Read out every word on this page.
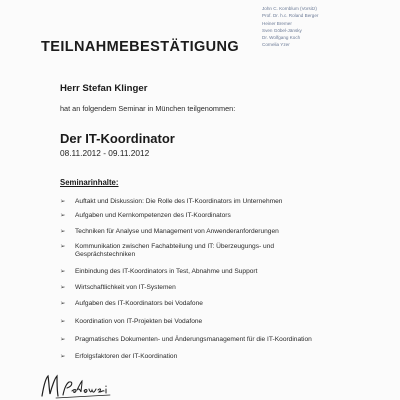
John C. Kornblum (Vorsitz)
Prof. Dr. h.c. Roland Berger
Heiner Bremer
Sven Göbel-Jänsky
Dr. Wolfgang Koch
Cornelia Yzer
TEILNAHMEBESTÄTIGUNG
Herr Stefan Klinger
hat an folgendem Seminar in München teilgenommen:
Der IT-Koordinator
08.11.2012 - 09.11.2012
Seminarinhalte:
➢ Auftakt und Diskussion: Die Rolle des IT-Koordinators im Unternehmen
➢ Aufgaben und Kernkompetenzen des IT-Koordinators
➢ Techniken für Analyse und Management von Anwenderanforderungen
➢ Kommunikation zwischen Fachabteilung und IT: Überzeugungs- und Gesprächstechniken
➢ Einbindung des IT-Koordinators in Test, Abnahme und Support
➢ Wirtschaftlichkeit von IT-Systemen
➢ Aufgaben des IT-Koordinators bei Vodafone
➢ Koordination von IT-Projekten bei Vodafone
➢ Pragmatisches Dokumenten- und Änderungsmanagement für die IT-Koordination
➢ Erfolgsfaktoren der IT-Koordination
